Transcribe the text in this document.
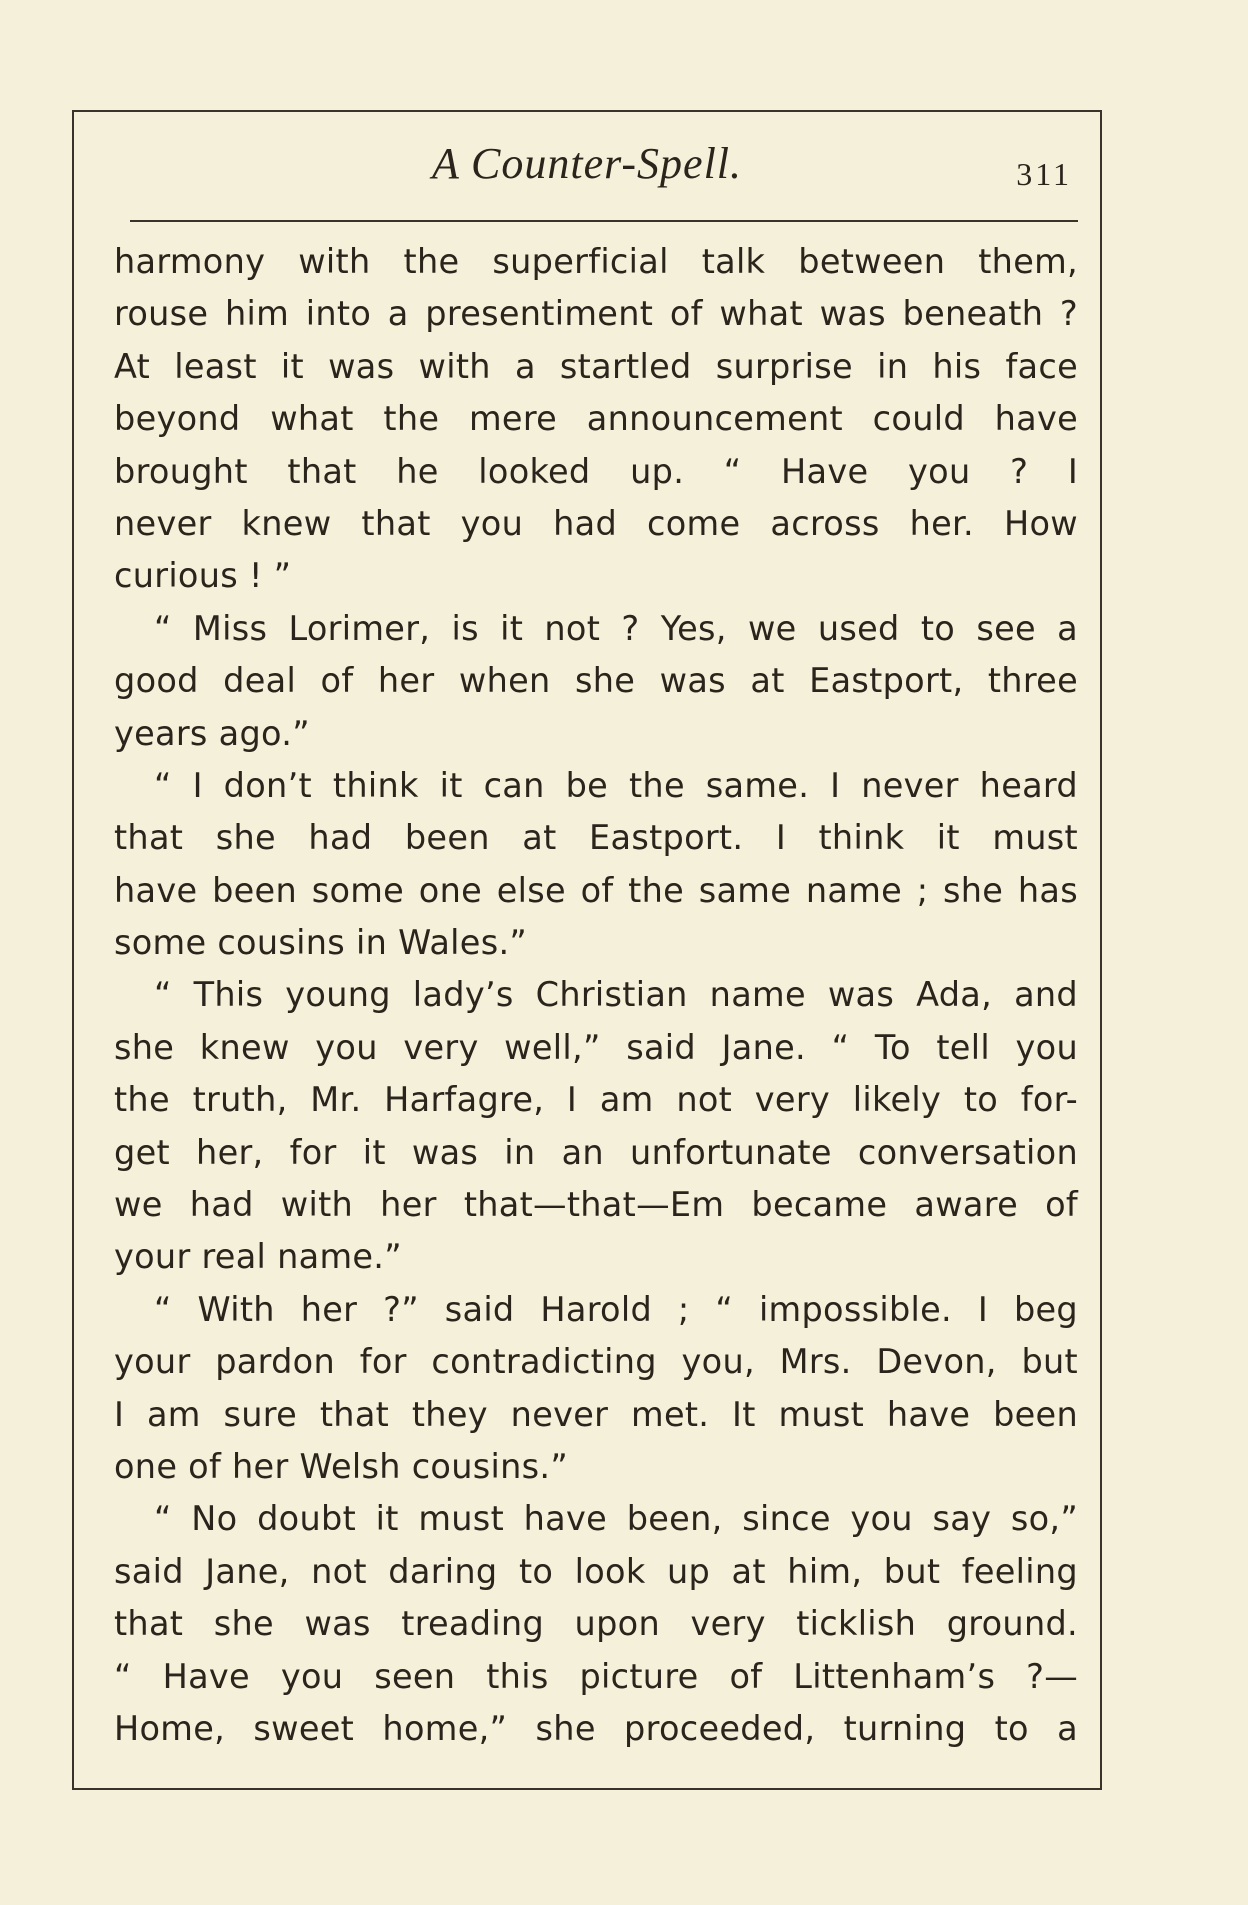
A Counter-Spell.	311
harmony with the superficial talk between them,
rouse him into a presentiment of what was beneath ?
At least it was with a startled surprise in his face
beyond what the mere announcement could have
brought that he looked up. “ Have you ? I
never knew that you had come across her. How
curious ! ”
“ Miss Lorimer, is it not ? Yes, we used to see a
good deal of her when she was at Eastport, three
years ago.”
“ I don’t think it can be the same. I never heard
that she had been at Eastport. I think it must
have been some one else of the same name ; she has
some cousins in Wales.”
“ This young lady’s Christian name was Ada, and
she knew you very well,” said Jane. “ To tell you
the truth, Mr. Harfagre, I am not very likely to for-
get her, for it was in an unfortunate conversation
we had with her that—that—Em became aware of
your real name.”
“ With her ?” said Harold ; “ impossible. I beg
your pardon for contradicting you, Mrs. Devon, but
I am sure that they never met. It must have been
one of her Welsh cousins.”
“ No doubt it must have been, since you say so,”
said Jane, not daring to look up at him, but feeling
that she was treading upon very ticklish ground.
“ Have you seen this picture of Littenham’s ?—
Home, sweet home,” she proceeded, turning to a
